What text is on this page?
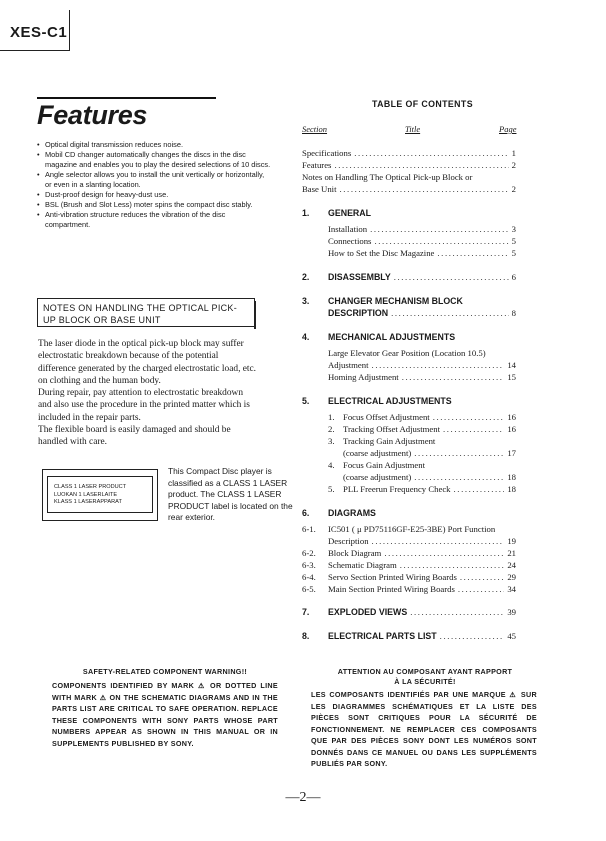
XES-C1
Features
• Optical digital transmission reduces noise.
• Mobil CD changer automatically changes the discs in the disc magazine and enables you to play the desired selections of 10 discs.
• Angle selector allows you to install the unit vertically or horizontally, or even in a slanting location.
• Dust-proof design for heavy-dust use.
• BSL (Brush and Slot Less) moter spins the compact disc stably.
• Anti-vibration structure reduces the vibration of the disc compartment.
NOTES ON HANDLING THE OPTICAL PICK-UP BLOCK OR BASE UNIT

The laser diode in the optical pick-up block may suffer electrostatic breakdown because of the potential difference generated by the charged electrostatic load, etc. on clothing and the human body.

During repair, pay attention to electrostatic breakdown and also use the procedure in the printed matter which is included in the repair parts.

The flexible board is easily damaged and should be handled with care.

CLASS 1 LASER PRODUCT
LUOKAN 1 LASERLAITE
KLASS 1 LASERAPPARAT
This Compact Disc player is classified as a CLASS 1 LASER product. The CLASS 1 LASER PRODUCT label is located on the rear exterior.
TABLE OF CONTENTS
Section	Title	Page
Specifications .....	1
Features .....	2
Notes on Handling The Optical Pick-up Block or
Base Unit .....	2
1. GENERAL
Installation .....	3
Connections .....	5
How to Set the Disc Magazine .....	5
2. DISASSEMBLY .....	6
3. CHANGER MECHANISM BLOCK
DESCRIPTION .....	8
4. MECHANICAL ADJUSTMENTS
Large Elevator Gear Position (Location 10.5)
Adjustment .....	14
Homing Adjustment .....	15
5. ELECTRICAL ADJUSTMENTS
1. Focus Offset Adjustment .....	16
2. Tracking Offset Adjustment .....	16
3. Tracking Gain Adjustment
(coarse adjustment) .....	17
4. Focus Gain Adjustment
(coarse adjustment) .....	18
5. PLL Freerun Frequency Check .....	18
6. DIAGRAMS
6-1. IC501 ( μ PD75116GF-E25-3BE) Port Function
Description .....	19
6-2. Block Diagram .....	21
6-3. Schematic Diagram .....	24
6-4. Servo Section Printed Wiring Boards .....	29
6-5. Main Section Printed Wiring Boards .....	34
7. EXPLODED VIEWS .....	39
8. ELECTRICAL PARTS LIST .....	45
SAFETY-RELATED COMPONENT WARNING!!
COMPONENTS IDENTIFIED BY MARK ⚠ OR DOTTED LINE WITH MARK ⚠ ON THE SCHEMATIC DIAGRAMS AND IN THE PARTS LIST ARE CRITICAL TO SAFE OPERATION. REPLACE THESE COMPONENTS WITH SONY PARTS WHOSE PART NUMBERS APPEAR AS SHOWN IN THIS MANUAL OR IN SUPPLEMENTS PUBLISHED BY SONY.
ATTENTION AU COMPOSANT AYANT RAPPORT
À LA SÉCURITÉ!
LES COMPOSANTS IDENTIFIÉS PAR UNE MARQUE ⚠ SUR LES DIAGRAMMES SCHÉMATIQUES ET LA LISTE DES PIÈCES SONT CRITIQUES POUR LA SÉCURITÉ DE FONCTIONNEMENT. NE REMPLACER CES COMPOSANTS QUE PAR DES PIÈCES SONY DONT LES NUMÉROS SONT DONNÉS DANS CE MANUEL OU DANS LES SUPPLÉMENTS PUBLIÉS PAR SONY.
—2—
